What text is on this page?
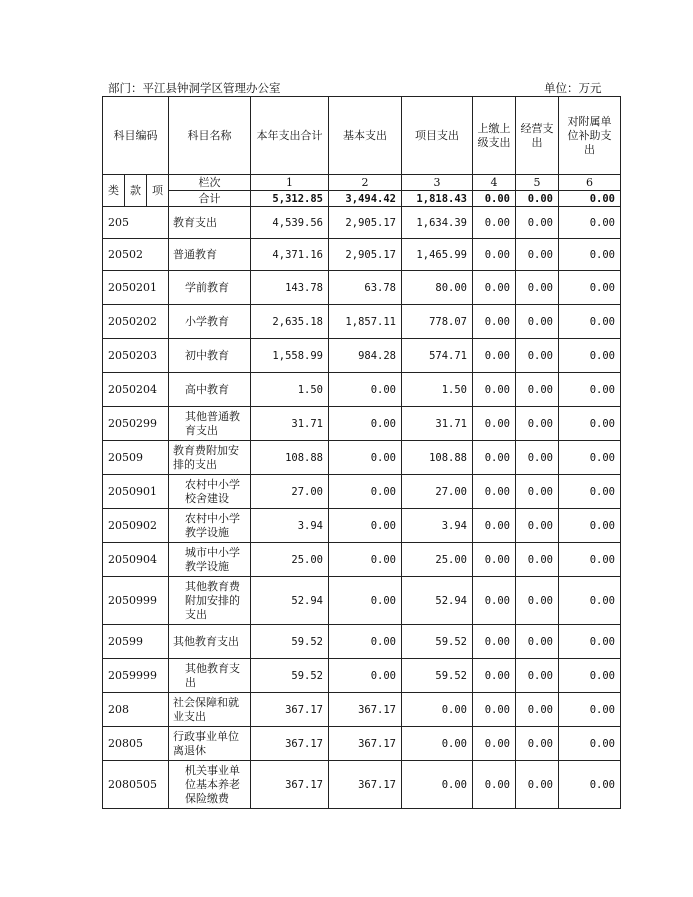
部门：平江县钟洞学区管理办公室	单位：万元
科目编码			科目名称	本年支出合计	基本支出	项目支出	上缴上级支出	经营支出	对附属单位补助支出
类	款	项	栏次	1	2	3	4	5	6
			合计	5,312.85	3,494.42	1,818.43	0.00	0.00	0.00
205			教育支出	4,539.56	2,905.17	1,634.39	0.00	0.00	0.00
20502			普通教育	4,371.16	2,905.17	1,465.99	0.00	0.00	0.00
2050201			学前教育	143.78	63.78	80.00	0.00	0.00	0.00
2050202			小学教育	2,635.18	1,857.11	778.07	0.00	0.00	0.00
2050203			初中教育	1,558.99	984.28	574.71	0.00	0.00	0.00
2050204			高中教育	1.50	0.00	1.50	0.00	0.00	0.00
2050299			其他普通教育支出	31.71	0.00	31.71	0.00	0.00	0.00
20509			教育费附加安排的支出	108.88	0.00	108.88	0.00	0.00	0.00
2050901			农村中小学校舍建设	27.00	0.00	27.00	0.00	0.00	0.00
2050902			农村中小学教学设施	3.94	0.00	3.94	0.00	0.00	0.00
2050904			城市中小学教学设施	25.00	0.00	25.00	0.00	0.00	0.00
2050999			其他教育费附加安排的支出	52.94	0.00	52.94	0.00	0.00	0.00
20599			其他教育支出	59.52	0.00	59.52	0.00	0.00	0.00
2059999			其他教育支出	59.52	0.00	59.52	0.00	0.00	0.00
208			社会保障和就业支出	367.17	367.17	0.00	0.00	0.00	0.00
20805			行政事业单位离退休	367.17	367.17	0.00	0.00	0.00	0.00
2080505			机关事业单位基本养老保险缴费	367.17	367.17	0.00	0.00	0.00	0.00
